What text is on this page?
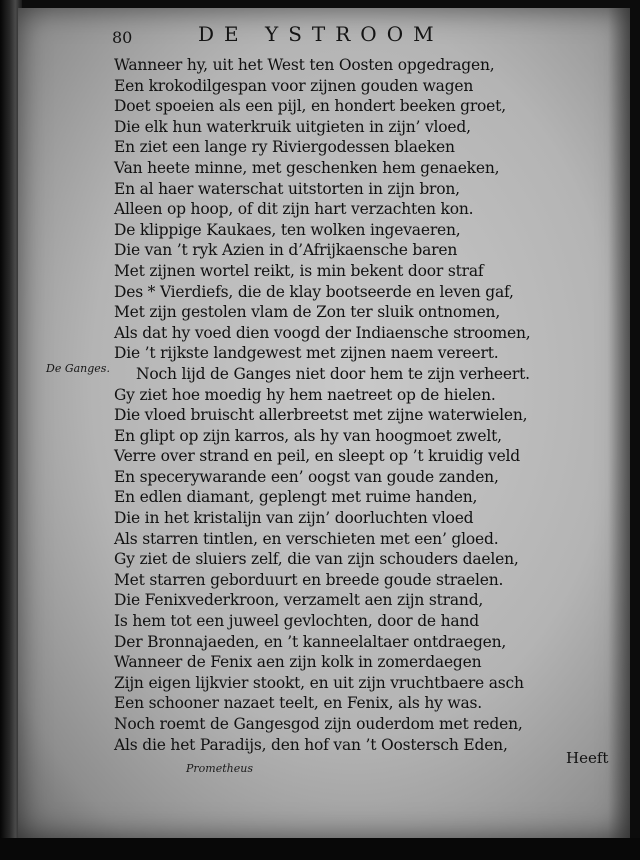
80	DE YSTROOM
De Ganges.
Wanneer hy, uit het West ten Oosten opgedragen,
Een krokodilgespan voor zijnen gouden wagen
Doet spoeien als een pijl, en hondert beeken groet,
Die elk hun waterkruik uitgieten in zijn’ vloed,
En ziet een lange ry Riviergodessen blaeken
Van heete minne, met geschenken hem genaeken,
En al haer waterschat uitstorten in zijn bron,
Alleen op hoop, of dit zijn hart verzachten kon.
De klippige Kaukaes, ten wolken ingevaeren,
Die van ’t ryk Azien in d’Afrijkaensche baren
Met zijnen wortel reikt, is min bekent door straf
Des * Vierdiefs, die de klay bootseerde en leven gaf,
Met zijn gestolen vlam de Zon ter sluik ontnomen,
Als dat hy voed dien voogd der Indiaensche stroomen,
Die ’t rijkste landgewest met zijnen naem vereert.
Noch lijd de Ganges niet door hem te zijn verheert.
Gy ziet hoe moedig hy hem naetreet op de hielen.
Die vloed bruischt allerbreetst met zijne waterwielen,
En glipt op zijn karros, als hy van hoogmoet zwelt,
Verre over strand en peil, en sleept op ’t kruidig veld
En specerywarande een’ oogst van goude zanden,
En edlen diamant, geplengt met ruime handen,
Die in het kristalijn van zijn’ doorluchten vloed
Als starren tintlen, en verschieten met een’ gloed.
Gy ziet de sluiers zelf, die van zijn schouders daelen,
Met starren geborduurt en breede goude straelen.
Die Fenixvederkroon, verzamelt aen zijn strand,
Is hem tot een juweel gevlochten, door de hand
Der Bronnajaeden, en ’t kanneelaltaer ontdraegen,
Wanneer de Fenix aen zijn kolk in zomerdaegen
Zijn eigen lijkvier stookt, en uit zijn vruchtbaere asch
Een schooner nazaet teelt, en Fenix, als hy was.
Noch roemt de Gangesgod zijn ouderdom met reden,
Als die het Paradijs, den hof van ’t Oostersch Eden,
Prometheus
Heeft
